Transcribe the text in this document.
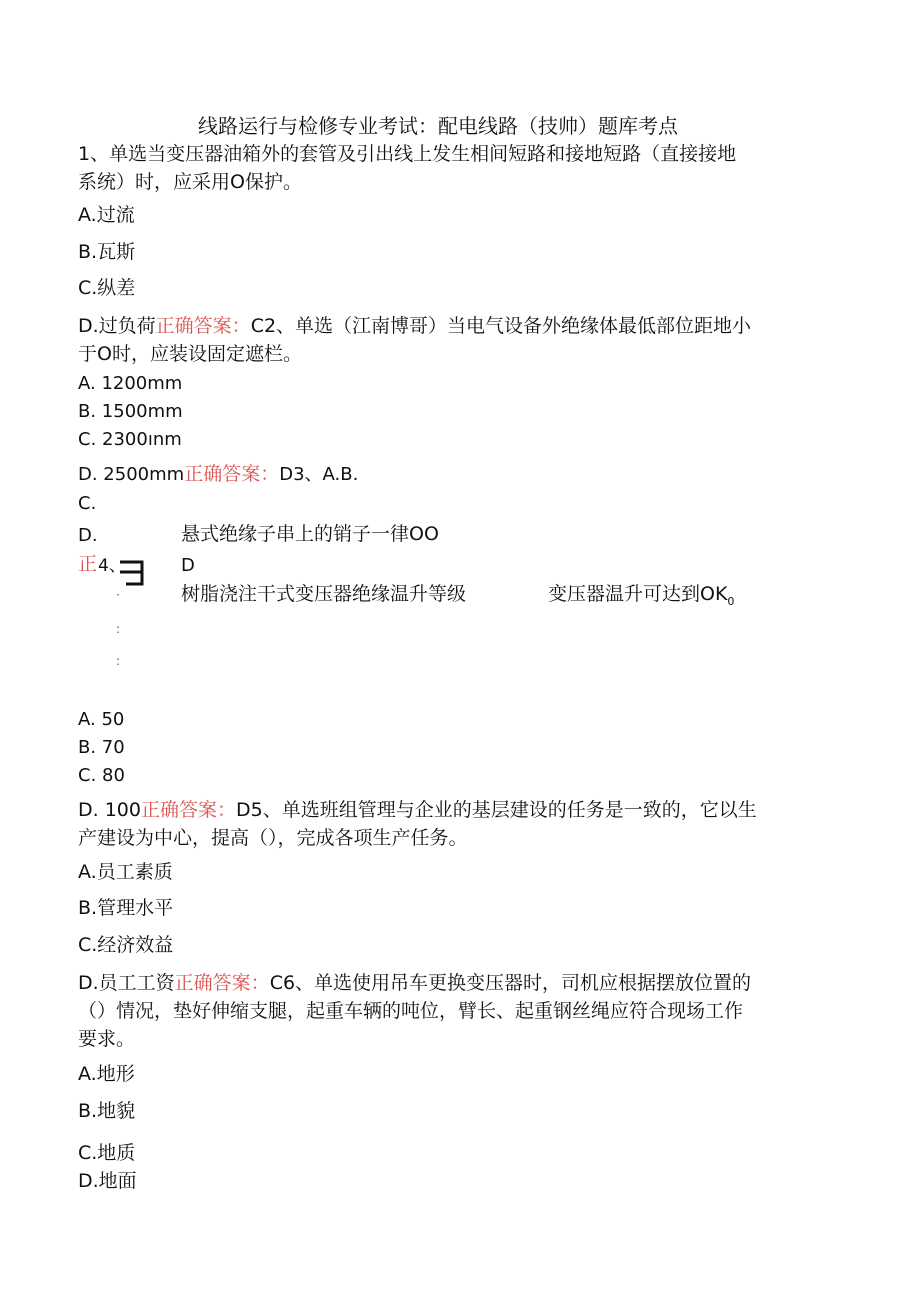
线路运行与检修专业考试：配电线路（技帅）题库考点
1、单选当变压器油箱外的套管及引出线上发生相间短路和接地短路（直接接地
系统）时，应采用O保护。
A.过流
B.瓦斯
C.纵差
D.过负荷正确答案：C2、单选（江南博哥）当电气设备外绝缘体最低部位距地小
于O时，应装设固定遮栏。
A. 1200mm
B. 1500mm
C. 2300ınm
D. 2500mm正确答案：D3、A.B.
C.
D.	悬式绝缘子串上的销子一律OO
正 4、	D
树脂浇注干式变压器绝缘温升等级	变压器温升可达到$OK_0$
·
:
:
A. 50
B. 70
C. 80
D. 100正确答案：D5、单选班组管理与企业的基层建设的任务是一致的，它以生
产建设为中心，提高（），完成各项生产任务。
A.员工素质
B.管理水平
C.经济效益
D.员工工资正确答案：C6、单选使用吊车更换变压器时，司机应根据摆放位置的
（）情况，垫好伸缩支腿，起重车辆的吨位，臂长、起重钢丝绳应符合现场工作
要求。
A.地形
B.地貌
C.地质
D.地面
